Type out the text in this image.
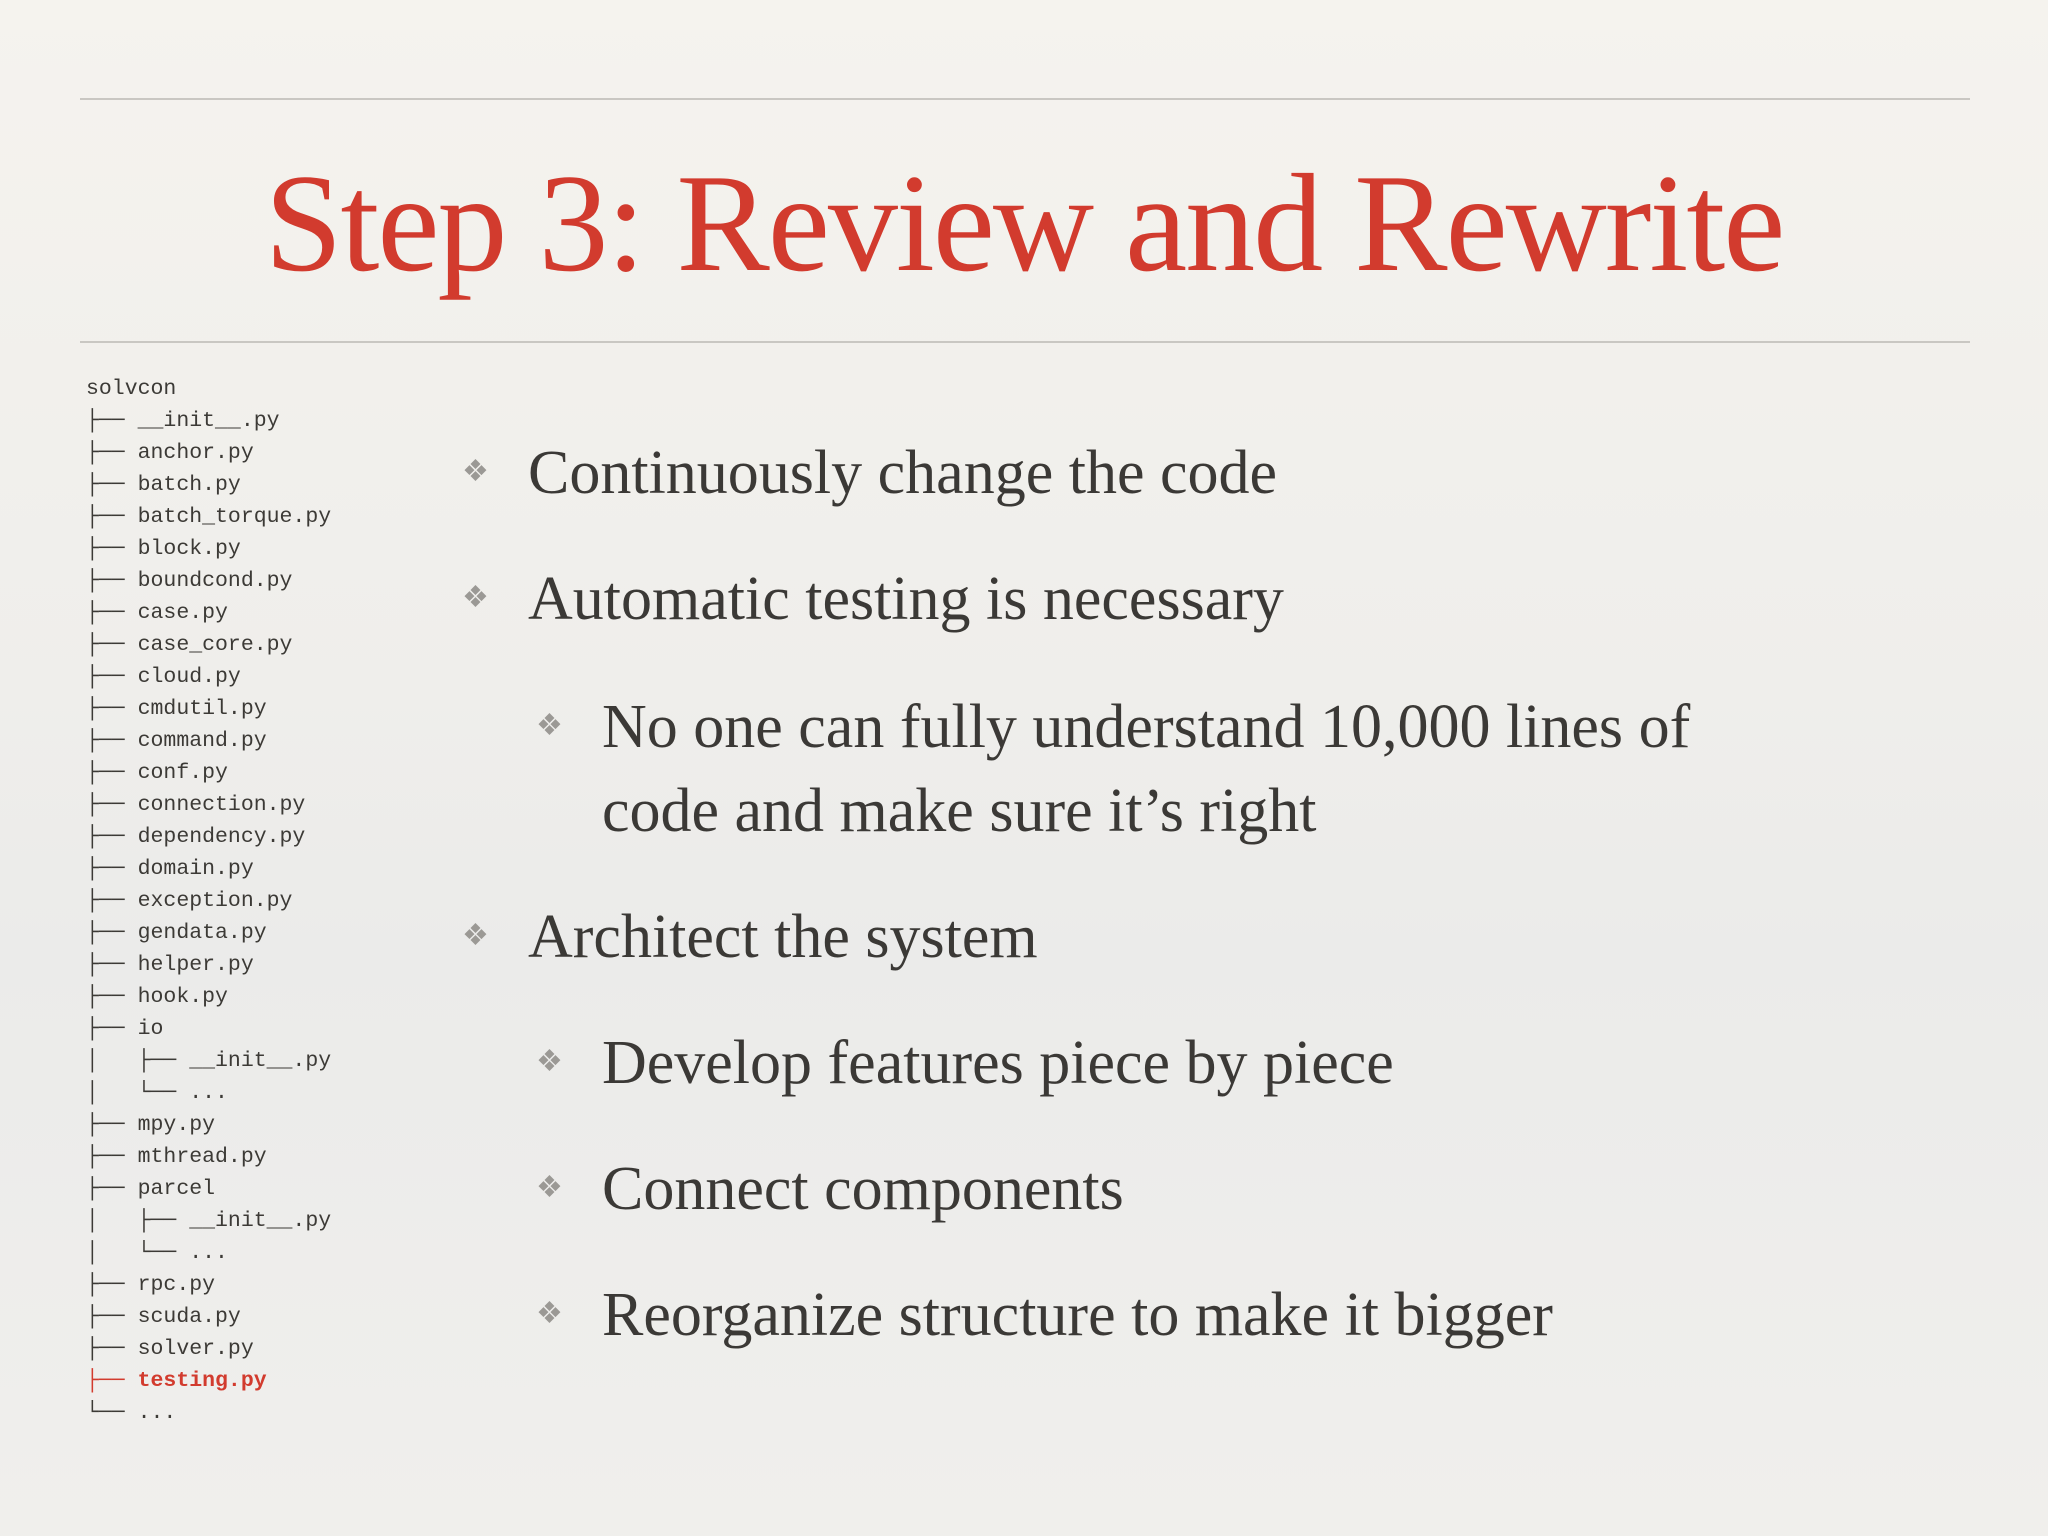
Step 3: Review and Rewrite
solvcon
├── __init__.py
├── anchor.py
├── batch.py
├── batch_torque.py
├── block.py
├── boundcond.py
├── case.py
├── case_core.py
├── cloud.py
├── cmdutil.py
├── command.py
├── conf.py
├── connection.py
├── dependency.py
├── domain.py
├── exception.py
├── gendata.py
├── helper.py
├── hook.py
├── io
│   ├── __init__.py
│   └── ...
├── mpy.py
├── mthread.py
├── parcel
│   ├── __init__.py
│   └── ...
├── rpc.py
├── scuda.py
├── solver.py
├── testing.py
└── ...
❖ Continuously change the code
❖ Automatic testing is necessary
❖ No one can fully understand 10,000 lines of
code and make sure it’s right
❖ Architect the system
❖ Develop features piece by piece
❖ Connect components
❖ Reorganize structure to make it bigger
